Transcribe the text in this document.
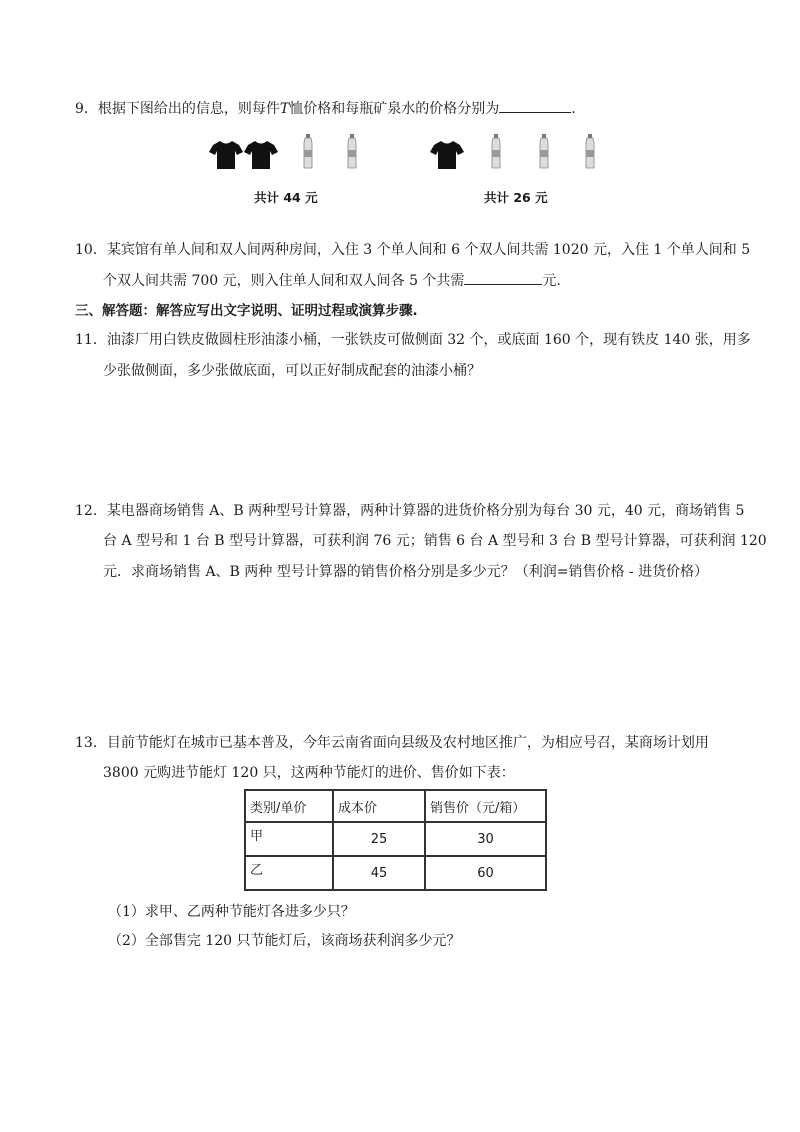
9．根据下图给出的信息，则每件T恤价格和每瓶矿泉水的价格分别为	.
共计 44 元	共计 26 元
10．某宾馆有单人间和双人间两种房间，入住 3 个单人间和 6 个双人间共需 1020 元，入住 1 个单人间和 5
个双人间共需 700 元，则入住单人间和双人间各 5 个共需	元.
三、解答题：解答应写出文字说明、证明过程或演算步骤.
11．油漆厂用白铁皮做圆柱形油漆小桶，一张铁皮可做侧面 32 个，或底面 160 个，现有铁皮 140 张，用多
少张做侧面，多少张做底面，可以正好制成配套的油漆小桶？
12．某电器商场销售 A、B 两种型号计算器，两种计算器的进货价格分别为每台 30 元，40 元，商场销售 5
台 A 型号和 1 台 B 型号计算器，可获利润 76 元；销售 6 台 A 型号和 3 台 B 型号计算器，可获利润 120
元．求商场销售 A、B 两种 型号计算器的销售价格分别是多少元？（利润=销售价格 - 进货价格）
13．目前节能灯在城市已基本普及，今年云南省面向县级及农村地区推广，为相应号召，某商场计划用
3800 元购进节能灯 120 只，这两种节能灯的进价、售价如下表：
类别/单价	成本价	销售价（元/箱）
甲	25	30
乙	45	60
（1）求甲、乙两种节能灯各进多少只？
（2）全部售完 120 只节能灯后，该商场获利润多少元？
